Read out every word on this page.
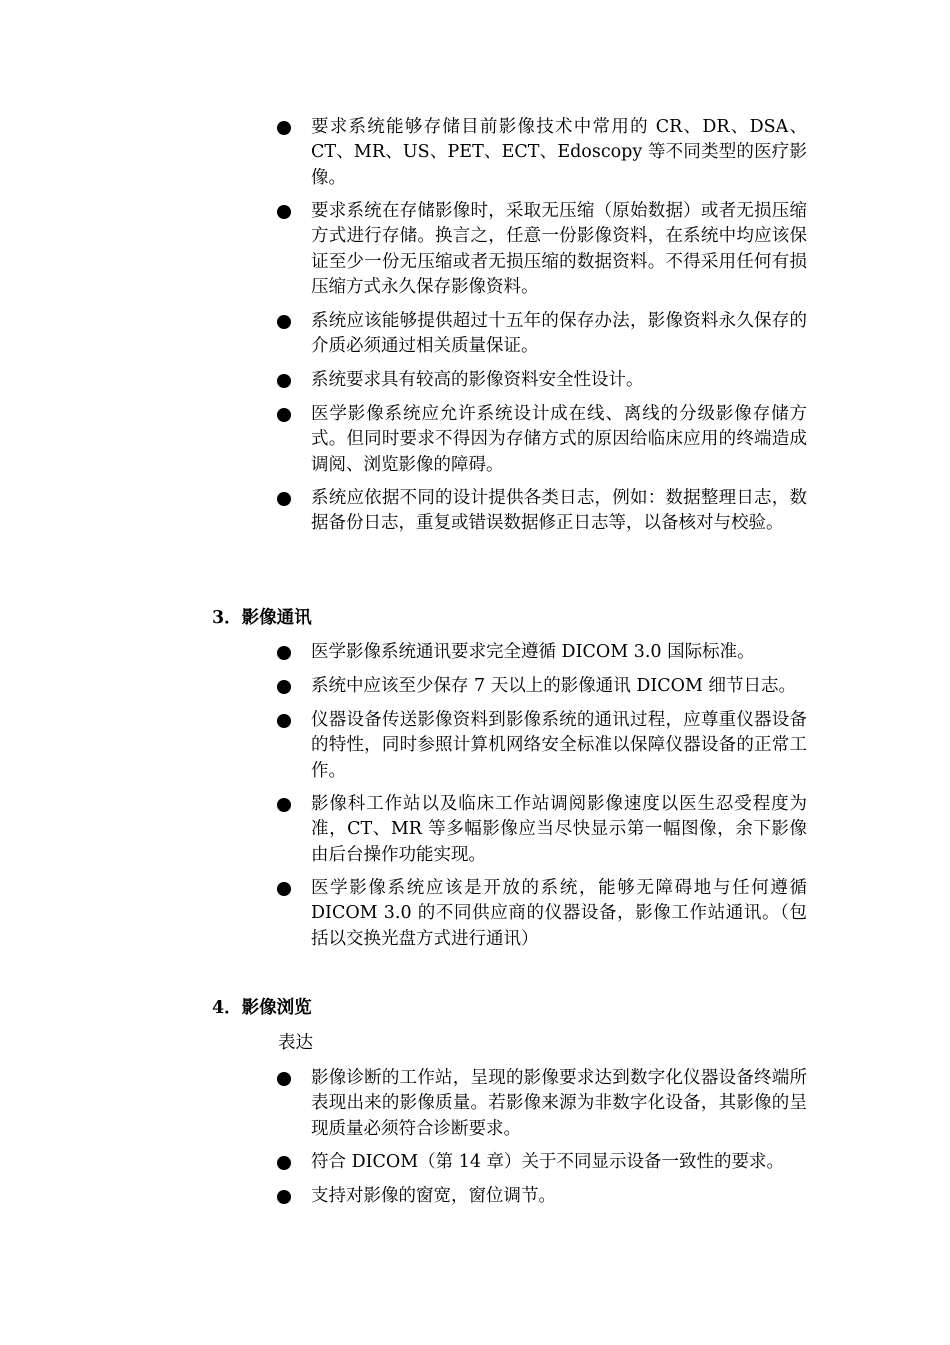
要求系统能够存储目前影像技术中常用的 CR、DR、DSA、CT、MR、US、PET、ECT、Edoscopy 等不同类型的医疗影像。
要求系统在存储影像时，采取无压缩（原始数据）或者无损压缩方式进行存储。换言之，任意一份影像资料，在系统中均应该保证至少一份无压缩或者无损压缩的数据资料。不得采用任何有损压缩方式永久保存影像资料。
系统应该能够提供超过十五年的保存办法，影像资料永久保存的介质必须通过相关质量保证。
系统要求具有较高的影像资料安全性设计。
医学影像系统应允许系统设计成在线、离线的分级影像存储方式。但同时要求不得因为存储方式的原因给临床应用的终端造成调阅、浏览影像的障碍。
系统应依据不同的设计提供各类日志，例如：数据整理日志，数据备份日志，重复或错误数据修正日志等，以备核对与校验。
3．影像通讯
医学影像系统通讯要求完全遵循 DICOM 3.0 国际标准。
系统中应该至少保存 7 天以上的影像通讯 DICOM 细节日志。
仪器设备传送影像资料到影像系统的通讯过程，应尊重仪器设备的特性，同时参照计算机网络安全标准以保障仪器设备的正常工作。
影像科工作站以及临床工作站调阅影像速度以医生忍受程度为准，CT、MR 等多幅影像应当尽快显示第一幅图像，余下影像由后台操作功能实现。
医学影像系统应该是开放的系统，能够无障碍地与任何遵循 DICOM 3.0 的不同供应商的仪器设备，影像工作站通讯。（包括以交换光盘方式进行通讯）
4．影像浏览
表达
影像诊断的工作站，呈现的影像要求达到数字化仪器设备终端所表现出来的影像质量。若影像来源为非数字化设备，其影像的呈现质量必须符合诊断要求。
符合 DICOM（第 14 章）关于不同显示设备一致性的要求。
支持对影像的窗宽，窗位调节。
